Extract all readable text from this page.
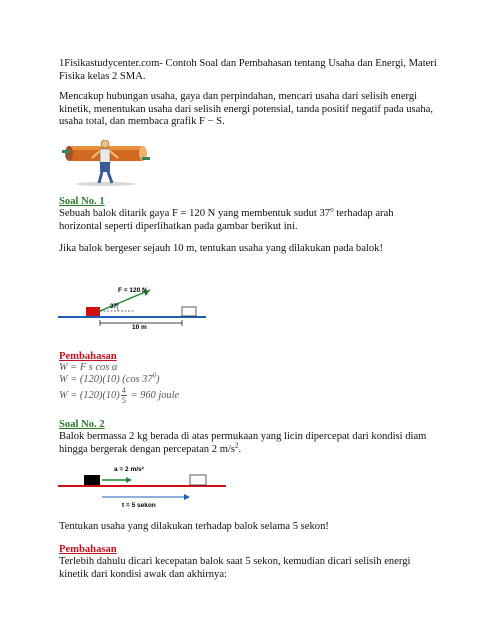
1Fisikastudycenter.com- Contoh Soal dan Pembahasan tentang Usaha dan Energi, Materi Fisika kelas 2 SMA.

Mencakup hubungan usaha, gaya dan perpindahan, mencari usaha dari selisih energi kinetik, menentukan usaha dari selisih energi potensial, tanda positif negatif pada usaha, usaha total, dan membaca grafik F − S.

Soal No. 1

Sebuah balok ditarik gaya F = 120 N yang membentuk sudut 37$^o$ terhadap arah horizontal seperti diperlihatkan pada gambar berikut ini.

Jika balok bergeser sejauh 10 m, tentukan usaha yang dilakukan pada balok!

F = 120 N
37°
10 m
Pembahasan
W = F s cos α
W = (120)(10) (cos $37^0$)
$W = (120)(10) \frac{4}{5} = 960$ joule
Soal No. 2

Balok bermassa 2 kg berada di atas permukaan yang licin dipercepat dari kondisi diam hingga bergerak dengan percepatan 2 $m/s^2$.

a = 2 m/s²
t = 5 sekon

Tentukan usaha yang dilakukan terhadap balok selama 5 sekon!

Pembahasan

Terlebih dahulu dicari kecepatan balok saat 5 sekon, kemudian dicari selisih energi kinetik dari kondisi awak dan akhirnya:
